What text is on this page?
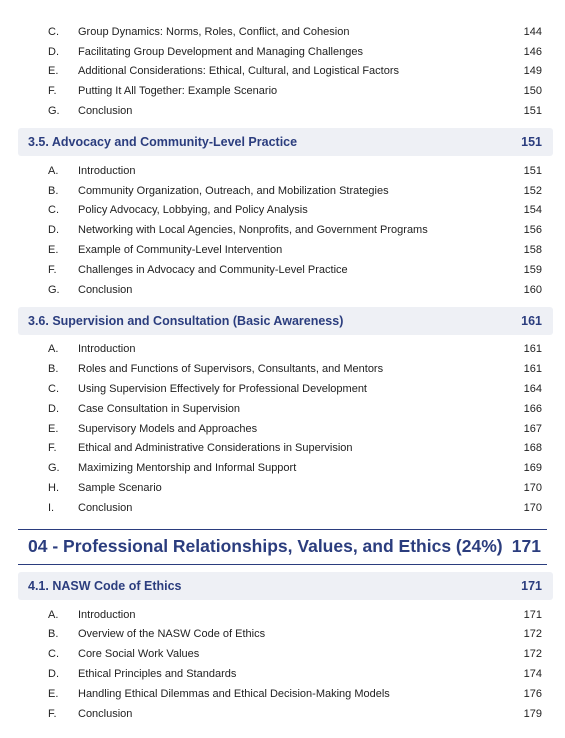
C.	Group Dynamics: Norms, Roles, Conflict, and Cohesion	144
D.	Facilitating Group Development and Managing Challenges	146
E.	Additional Considerations: Ethical, Cultural, and Logistical Factors	149
F.	Putting It All Together: Example Scenario	150
G.	Conclusion	151
3.5. Advocacy and Community-Level Practice	151
A.	Introduction	151
B.	Community Organization, Outreach, and Mobilization Strategies	152
C.	Policy Advocacy, Lobbying, and Policy Analysis	154
D.	Networking with Local Agencies, Nonprofits, and Government Programs	156
E.	Example of Community-Level Intervention	158
F.	Challenges in Advocacy and Community-Level Practice	159
G.	Conclusion	160
3.6. Supervision and Consultation (Basic Awareness)	161
A.	Introduction	161
B.	Roles and Functions of Supervisors, Consultants, and Mentors	161
C.	Using Supervision Effectively for Professional Development	164
D.	Case Consultation in Supervision	166
E.	Supervisory Models and Approaches	167
F.	Ethical and Administrative Considerations in Supervision	168
G.	Maximizing Mentorship and Informal Support	169
H.	Sample Scenario	170
I.	Conclusion	170
04 - Professional Relationships, Values, and Ethics (24%) 171
4.1. NASW Code of Ethics	171
A.	Introduction	171
B.	Overview of the NASW Code of Ethics	172
C.	Core Social Work Values	172
D.	Ethical Principles and Standards	174
E.	Handling Ethical Dilemmas and Ethical Decision-Making Models	176
F.	Conclusion	179
